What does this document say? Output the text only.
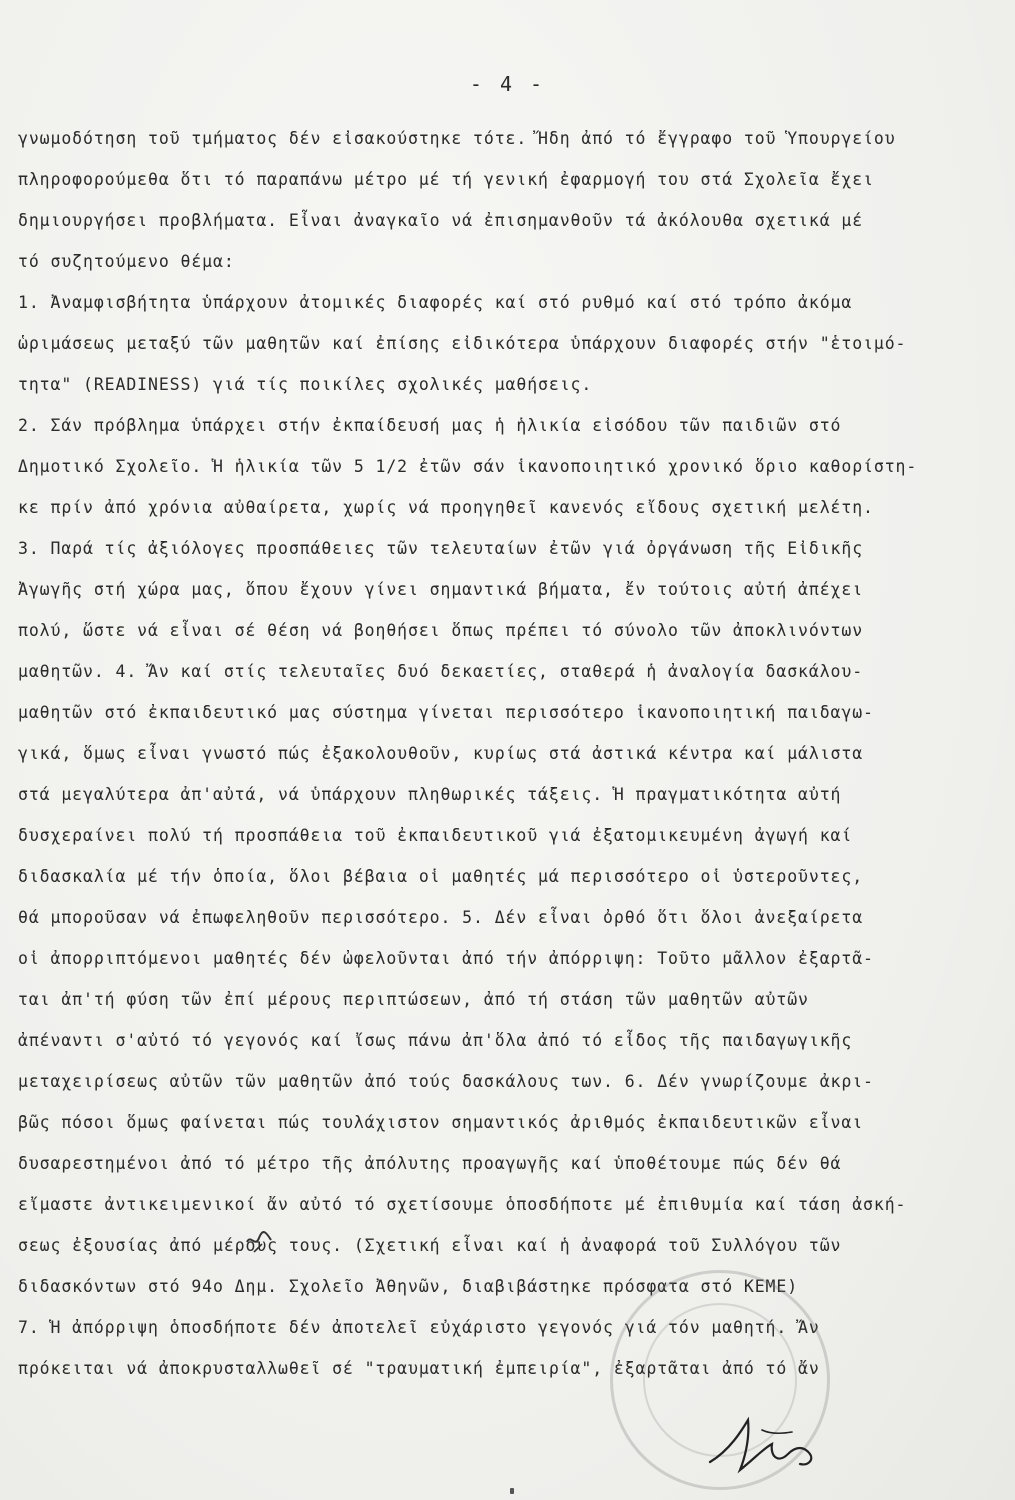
- 4 -
γνωμοδότηση τοῦ τμήματος δέν εἰσακούστηκε τότε. Ἤδη ἀπό τό ἔγγραφο τοῦ Ὑπουργείου
πληροφορούμεθα ὅτι τό παραπάνω μέτρο μέ τή γενική ἐφαρμογή του στά Σχολεῖα ἔχει
δημιουργήσει προβλήματα. Εἶναι ἀναγκαῖο νά ἐπισημανθοῦν τά ἀκόλουθα σχετικά μέ
τό συζητούμενο θέμα:
1. Ἀναμφισβήτητα ὑπάρχουν ἀτομικές διαφορές καί στό ρυθμό καί στό τρόπο ἀκόμα
ὡριμάσεως μεταξύ τῶν μαθητῶν καί ἐπίσης εἰδικότερα ὑπάρχουν διαφορές στήν "ἑτοιμό-
τητα" (READINESS) γιά τίς ποικίλες σχολικές μαθήσεις.
2. Σάν πρόβλημα ὑπάρχει στήν ἐκπαίδευσή μας ἡ ἡλικία εἰσόδου τῶν παιδιῶν στό
Δημοτικό Σχολεῖο. Ἡ ἡλικία τῶν 5 1/2 ἐτῶν σάν ἱκανοποιητικό χρονικό ὅριο καθορίστη-
κε πρίν ἀπό χρόνια αὐθαίρετα, χωρίς νά προηγηθεῖ κανενός εἴδους σχετική μελέτη.
3. Παρά τίς ἀξιόλογες προσπάθειες τῶν τελευταίων ἐτῶν γιά ὀργάνωση τῆς Εἰδικῆς
Ἀγωγῆς στή χώρα μας, ὅπου ἔχουν γίνει σημαντικά βήματα, ἔν τούτοις αὐτή ἀπέχει
πολύ, ὥστε νά εἶναι σέ θέση νά βοηθήσει ὅπως πρέπει τό σύνολο τῶν ἀποκλινόντων
μαθητῶν. 4. Ἄν καί στίς τελευταῖες δυό δεκαετίες, σταθερά ἡ ἀναλογία δασκάλου-
μαθητῶν στό ἐκπαιδευτικό μας σύστημα γίνεται περισσότερο ἱκανοποιητική παιδαγω-
γικά, ὅμως εἶναι γνωστό πώς ἐξακολουθοῦν, κυρίως στά ἀστικά κέντρα καί μάλιστα
στά μεγαλύτερα ἀπ'αὐτά, νά ὑπάρχουν πληθωρικές τάξεις. Ἡ πραγματικότητα αὐτή
δυσχεραίνει πολύ τή προσπάθεια τοῦ ἐκπαιδευτικοῦ γιά ἐξατομικευμένη ἀγωγή καί
διδασκαλία μέ τήν ὁποία, ὅλοι βέβαια οἱ μαθητές μά περισσότερο οἱ ὑστεροῦντες,
θά μποροῦσαν νά ἐπωφεληθοῦν περισσότερο. 5. Δέν εἶναι ὀρθό ὅτι ὅλοι ἀνεξαίρετα
οἱ ἀπορριπτόμενοι μαθητές δέν ὠφελοῦνται ἀπό τήν ἀπόρριψη: Τοῦτο μᾶλλον ἐξαρτᾶ-
ται ἀπ'τή φύση τῶν ἐπί μέρους περιπτώσεων, ἀπό τή στάση τῶν μαθητῶν αὐτῶν
ἀπέναντι σ'αὐτό τό γεγονός καί ἴσως πάνω ἀπ'ὅλα ἀπό τό εἶδος τῆς παιδαγωγικῆς
μεταχειρίσεως αὐτῶν τῶν μαθητῶν ἀπό τούς δασκάλους των. 6. Δέν γνωρίζουμε ἀκρι-
βῶς πόσοι ὅμως φαίνεται πώς τουλάχιστον σημαντικός ἀριθμός ἐκπαιδευτικῶν εἶναι
δυσαρεστημένοι ἀπό τό μέτρο τῆς ἀπόλυτης προαγωγῆς καί ὑποθέτουμε πώς δέν θά
εἴμαστε ἀντικειμενικοί ἄν αὐτό τό σχετίσουμε ὁποσδήποτε μέ ἐπιθυμία καί τάση ἀσκή-
σεως ἐξουσίας ἀπό μέρους τους. (Σχετική εἶναι καί ἡ ἀναφορά τοῦ Συλλόγου τῶν
διδασκόντων στό 94ο Δημ. Σχολεῖο Ἀθηνῶν, διαβιβάστηκε πρόσφατα στό ΚΕΜΕ)
7. Ἡ ἀπόρριψη ὁποσδήποτε δέν ἀποτελεῖ εὐχάριστο γεγονός γιά τόν μαθητή. Ἄν
πρόκειται νά ἀποκρυσταλλωθεῖ σέ "τραυματική ἐμπειρία", ἐξαρτᾶται ἀπό τό ἄν
